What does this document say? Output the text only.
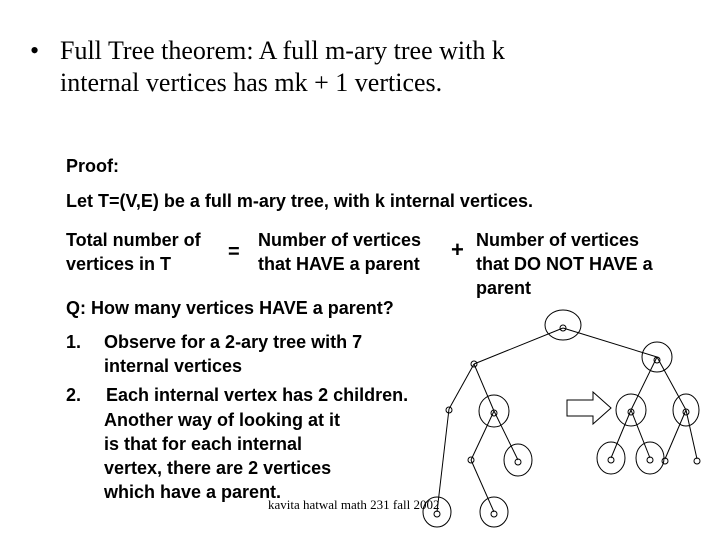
• Full Tree theorem: A full m-ary tree with k
internal vertices has mk + 1 vertices.
Proof:
Let T=(V,E) be a full m-ary tree, with k internal vertices.
Total number of
vertices in T
=
Number of vertices
that HAVE a parent
+ Number of vertices
that DO NOT HAVE a
parent
Q: How many vertices HAVE a parent?
1. Observe for a 2-ary tree with 7
internal vertices
2. Each internal vertex has 2 children.
Another way of looking at it
is that for each internal
vertex, there are 2 vertices
which have a parent.
kavita hatwal math 231 fall 2002
